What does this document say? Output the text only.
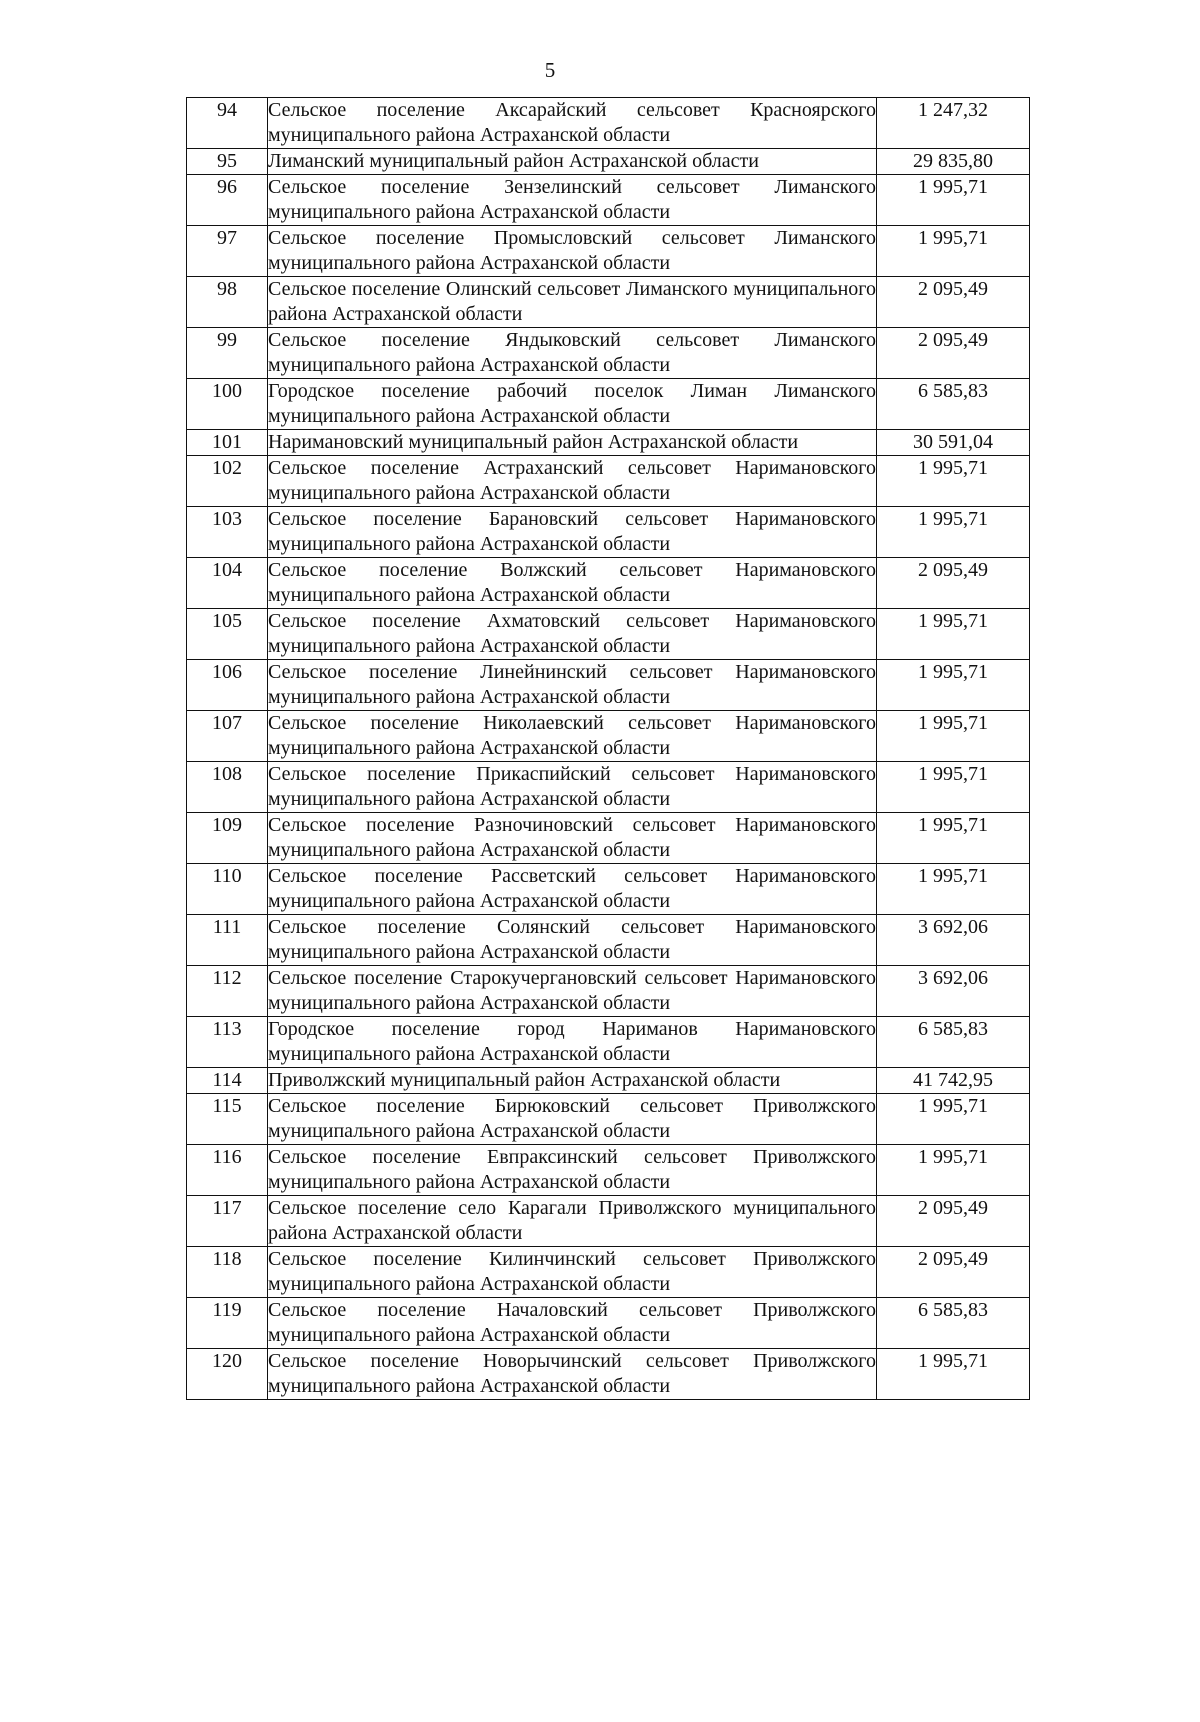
5
94	Сельское поселение Аксарайский сельсовет Красноярского муниципального района Астраханской области	1 247,32
95	Лиманский муниципальный район Астраханской области	29 835,80
96	Сельское поселение Зензелинский сельсовет Лиманского муниципального района Астраханской области	1 995,71
97	Сельское поселение Промысловский сельсовет Лиманского муниципального района Астраханской области	1 995,71
98	Сельское поселение Олинский сельсовет Лиманского муниципального района Астраханской области	2 095,49
99	Сельское поселение Яндыковский сельсовет Лиманского муниципального района Астраханской области	2 095,49
100	Городское поселение рабочий поселок Лиман Лиманского муниципального района Астраханской области	6 585,83
101	Наримановский муниципальный район Астраханской области	30 591,04
102	Сельское поселение Астраханский сельсовет Наримановского муниципального района Астраханской области	1 995,71
103	Сельское поселение Барановский сельсовет Наримановского муниципального района Астраханской области	1 995,71
104	Сельское поселение Волжский сельсовет Наримановского муниципального района Астраханской области	2 095,49
105	Сельское поселение Ахматовский сельсовет Наримановского муниципального района Астраханской области	1 995,71
106	Сельское поселение Линейнинский сельсовет Наримановского муниципального района Астраханской области	1 995,71
107	Сельское поселение Николаевский сельсовет Наримановского муниципального района Астраханской области	1 995,71
108	Сельское поселение Прикаспийский сельсовет Наримановского муниципального района Астраханской области	1 995,71
109	Сельское поселение Разночиновский сельсовет Наримановского муниципального района Астраханской области	1 995,71
110	Сельское поселение Рассветский сельсовет Наримановского муниципального района Астраханской области	1 995,71
111	Сельское поселение Солянский сельсовет Наримановского муниципального района Астраханской области	3 692,06
112	Сельское поселение Старокучергановский сельсовет Наримановского муниципального района Астраханской области	3 692,06
113	Городское поселение город Нариманов Наримановского муниципального района Астраханской области	6 585,83
114	Приволжский муниципальный район Астраханской области	41 742,95
115	Сельское поселение Бирюковский сельсовет Приволжского муниципального района Астраханской области	1 995,71
116	Сельское поселение Евпраксинский сельсовет Приволжского муниципального района Астраханской области	1 995,71
117	Сельское поселение село Карагали Приволжского муниципального района Астраханской области	2 095,49
118	Сельское поселение Килинчинский сельсовет Приволжского муниципального района Астраханской области	2 095,49
119	Сельское поселение Началовский сельсовет Приволжского муниципального района Астраханской области	6 585,83
120	Сельское поселение Новорычинский сельсовет Приволжского муниципального района Астраханской области	1 995,71
